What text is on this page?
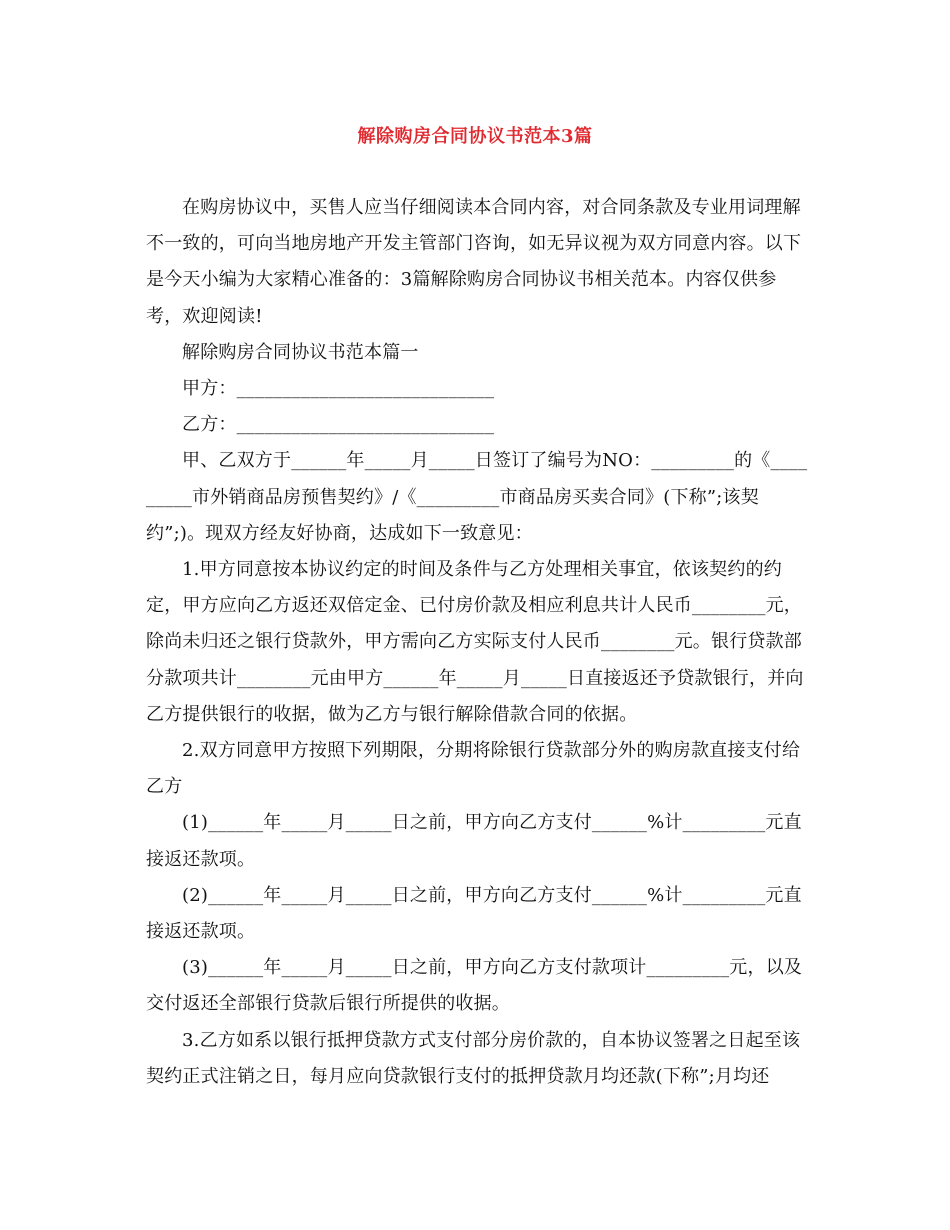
解除购房合同协议书范本3篇

在购房协议中，买售人应当仔细阅读本合同内容，对合同条款及专业用词理解不一致的，可向当地房地产开发主管部门咨询，如无异议视为双方同意内容。以下是今天小编为大家精心准备的：3篇解除购房合同协议书相关范本。内容仅供参考，欢迎阅读!

解除购房合同协议书范本篇一

甲方：____________________________

乙方：____________________________

甲、乙双方于______年_____月_____日签订了编号为NO：_________的《_________市外销商品房预售契约》/《_________市商品房买卖合同》(下称”;该契约”;)。现双方经友好协商，达成如下一致意见：

1.甲方同意按本协议约定的时间及条件与乙方处理相关事宜，依该契约的约定，甲方应向乙方返还双倍定金、已付房价款及相应利息共计人民币________元，除尚未归还之银行贷款外，甲方需向乙方实际支付人民币________元。银行贷款部分款项共计________元由甲方______年_____月_____日直接返还予贷款银行，并向乙方提供银行的收据，做为乙方与银行解除借款合同的依据。

2.双方同意甲方按照下列期限，分期将除银行贷款部分外的购房款直接支付给乙方

(1)______年_____月_____日之前，甲方向乙方支付______%计_________元直接返还款项。

(2)______年_____月_____日之前，甲方向乙方支付______%计_________元直接返还款项。

(3)______年_____月_____日之前，甲方向乙方支付款项计_________元，以及交付返还全部银行贷款后银行所提供的收据。

3.乙方如系以银行抵押贷款方式支付部分房价款的，自本协议签署之日起至该契约正式注销之日，每月应向贷款银行支付的抵押贷款月均还款(下称”;月均还
